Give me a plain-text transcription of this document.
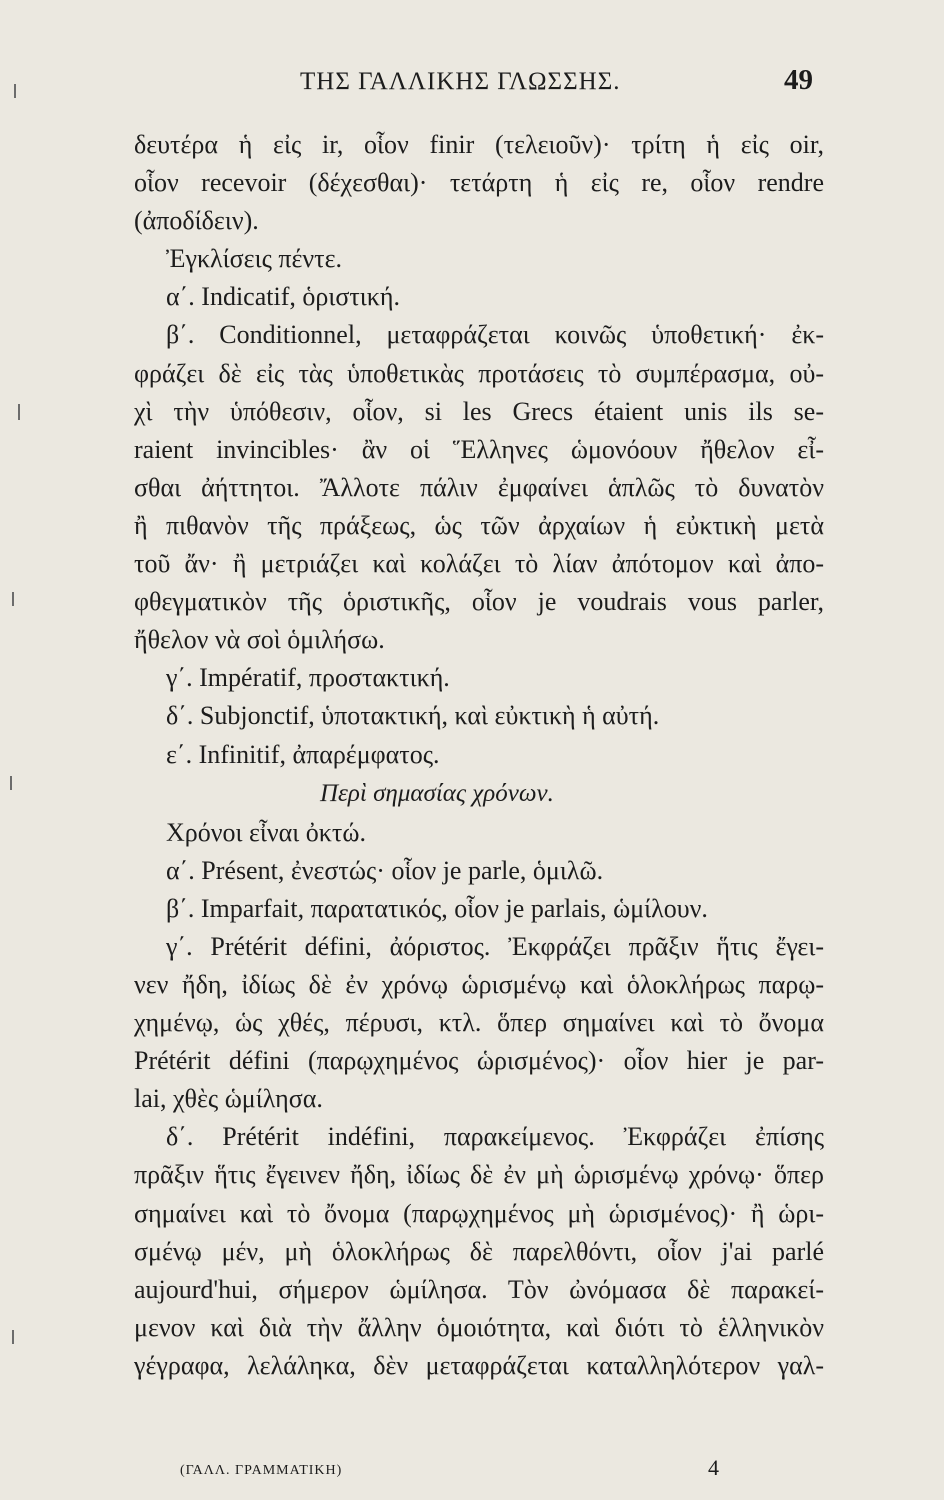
ΤΗΣ ΓΑΛΛΙΚΗΣ ΓΛΩΣΣΗΣ.	49
δευτέρα ἡ εἰς ir, οἷον finir (τελειοῦν)· τρίτη ἡ εἰς oir,
οἷον recevoir (δέχεσθαι)· τετάρτη ἡ εἰς re, οἷον rendre
(ἀποδίδειν).
Ἐγκλίσεις πέντε.
α΄. Indicatif, ὁριστική.
β΄. Conditionnel, μεταφράζεται κοινῶς ὑποθετική· ἐκ-
φράζει δὲ εἰς τὰς ὑποθετικὰς προτάσεις τὸ συμπέρασμα, οὐ-
χὶ τὴν ὑπόθεσιν, οἷον, si les Grecs étaient unis ils se-
raient invincibles· ἂν οἱ Ἕλληνες ὡμονόουν ἤθελον εἶ-
σθαι ἀήττητοι. Ἄλλοτε πάλιν ἐμφαίνει ἁπλῶς τὸ δυνατὸν
ἢ πιθανὸν τῆς πράξεως, ὡς τῶν ἀρχαίων ἡ εὐκτικὴ μετὰ
τοῦ ἄν· ἢ μετριάζει καὶ κολάζει τὸ λίαν ἀπότομον καὶ ἀπο-
φθεγματικὸν τῆς ὁριστικῆς, οἷον je voudrais vous parler,
ἤθελον νὰ σοὶ ὁμιλήσω.
γ΄. Impératif, προστακτική.
δ΄. Subjonctif, ὑποτακτική, καὶ εὐκτικὴ ἡ αὐτή.
ε΄. Infinitif, ἀπαρέμφατος.
Περὶ σημασίας χρόνων.
Χρόνοι εἶναι ὀκτώ.
α΄. Présent, ἐνεστώς· οἷον je parle, ὁμιλῶ.
β΄. Imparfait, παρατατικός, οἷον je parlais, ὡμίλουν.
γ΄. Prétérit défini, ἀόριστος. Ἐκφράζει πρᾶξιν ἥτις ἔγει-
νεν ἤδη, ἰδίως δὲ ἐν χρόνῳ ὡρισμένῳ καὶ ὁλοκλήρως παρῳ-
χημένῳ, ὡς χθές, πέρυσι, κτλ. ὅπερ σημαίνει καὶ τὸ ὄνομα
Prétérit défini (παρῳχημένος ὡρισμένος)· οἷον hier je par-
lai, χθὲς ὡμίλησα.
δ΄. Prétérit indéfini, παρακείμενος. Ἐκφράζει ἐπίσης
πρᾶξιν ἥτις ἔγεινεν ἤδη, ἰδίως δὲ ἐν μὴ ὡρισμένῳ χρόνῳ· ὅπερ
σημαίνει καὶ τὸ ὄνομα (παρῳχημένος μὴ ὡρισμένος)· ἢ ὡρι-
σμένῳ μέν, μὴ ὁλοκλήρως δὲ παρελθόντι, οἷον j'ai parlé
aujourd'hui, σήμερον ὡμίλησα. Τὸν ὠνόμασα δὲ παρακεί-
μενον καὶ διὰ τὴν ἄλλην ὁμοιότητα, καὶ διότι τὸ ἑλληνικὸν
γέγραφα, λελάληκα, δὲν μεταφράζεται καταλληλότερον γαλ-
(ΓΑΛΛ. ΓΡΑΜΜΑΤΙΚΗ)	4
